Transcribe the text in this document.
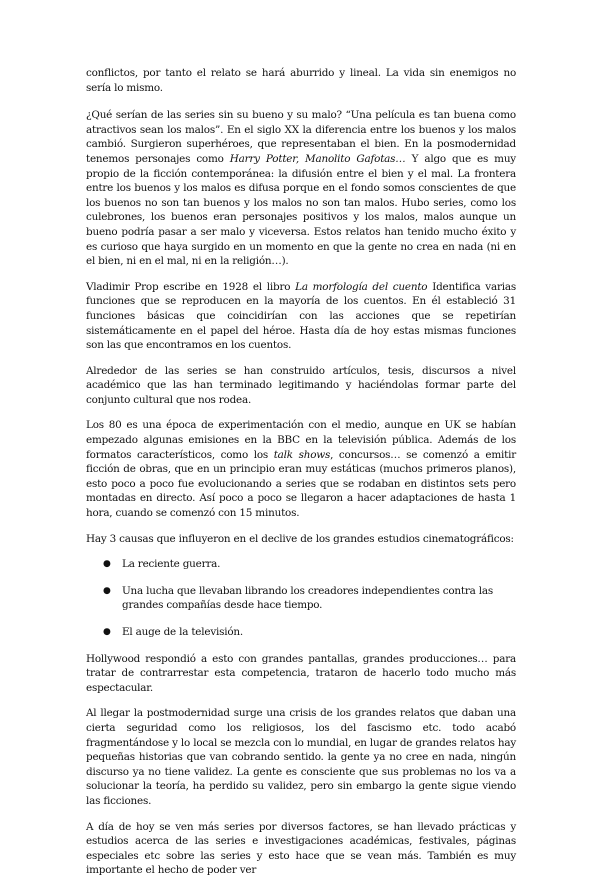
conflictos, por tanto el relato se hará aburrido y lineal. La vida sin enemigos no sería lo mismo.

¿Qué serían de las series sin su bueno y su malo? “Una película es tan buena como atractivos sean los malos”. En el siglo XX la diferencia entre los buenos y los malos cambió. Surgieron superhéroes, que representaban el bien. En la posmodernidad tenemos personajes como Harry Potter, Manolito Gafotas… Y algo que es muy propio de la ficción contemporánea: la difusión entre el bien y el mal. La frontera entre los buenos y los malos es difusa porque en el fondo somos conscientes de que los buenos no son tan buenos y los malos no son tan malos. Hubo series, como los culebrones, los buenos eran personajes positivos y los malos, malos aunque un bueno podría pasar a ser malo y viceversa. Estos relatos han tenido mucho éxito y es curioso que haya surgido en un momento en que la gente no crea en nada (ni en el bien, ni en el mal, ni en la religión…).

Vladimir Prop escribe en 1928 el libro La morfología del cuento Identifica varias funciones que se reproducen en la mayoría de los cuentos. En él estableció 31 funciones básicas que coincidirían con las acciones que se repetirían sistemáticamente en el papel del héroe. Hasta día de hoy estas mismas funciones son las que encontramos en los cuentos.

Alrededor de las series se han construido artículos, tesis, discursos a nivel académico que las han terminado legitimando y haciéndolas formar parte del conjunto cultural que nos rodea.

Los 80 es una época de experimentación con el medio, aunque en UK se habían empezado algunas emisiones en la BBC en la televisión pública. Además de los formatos característicos, como los talk shows, concursos… se comenzó a emitir ficción de obras, que en un principio eran muy estáticas (muchos primeros planos), esto poco a poco fue evolucionando a series que se rodaban en distintos sets pero montadas en directo. Así poco a poco se llegaron a hacer adaptaciones de hasta 1 hora, cuando se comenzó con 15 minutos.

Hay 3 causas que influyeron en el declive de los grandes estudios cinematográficos:

● La reciente guerra.
● Una lucha que llevaban librando los creadores independientes contra las grandes compañías desde hace tiempo.
● El auge de la televisión.

Hollywood respondió a esto con grandes pantallas, grandes producciones… para tratar de contrarrestar esta competencia, trataron de hacerlo todo mucho más espectacular.

Al llegar la postmodernidad surge una crisis de los grandes relatos que daban una cierta seguridad como los religiosos, los del fascismo etc. todo acabó fragmentándose y lo local se mezcla con lo mundial, en lugar de grandes relatos hay pequeñas historias que van cobrando sentido. la gente ya no cree en nada, ningún discurso ya no tiene validez. La gente es consciente que sus problemas no los va a solucionar la teoría, ha perdido su validez, pero sin embargo la gente sigue viendo las ficciones.

A día de hoy se ven más series por diversos factores, se han llevado prácticas y estudios acerca de las series e investigaciones académicas, festivales, páginas especiales etc sobre las series y esto hace que se vean más. También es muy importante el hecho de poder ver
